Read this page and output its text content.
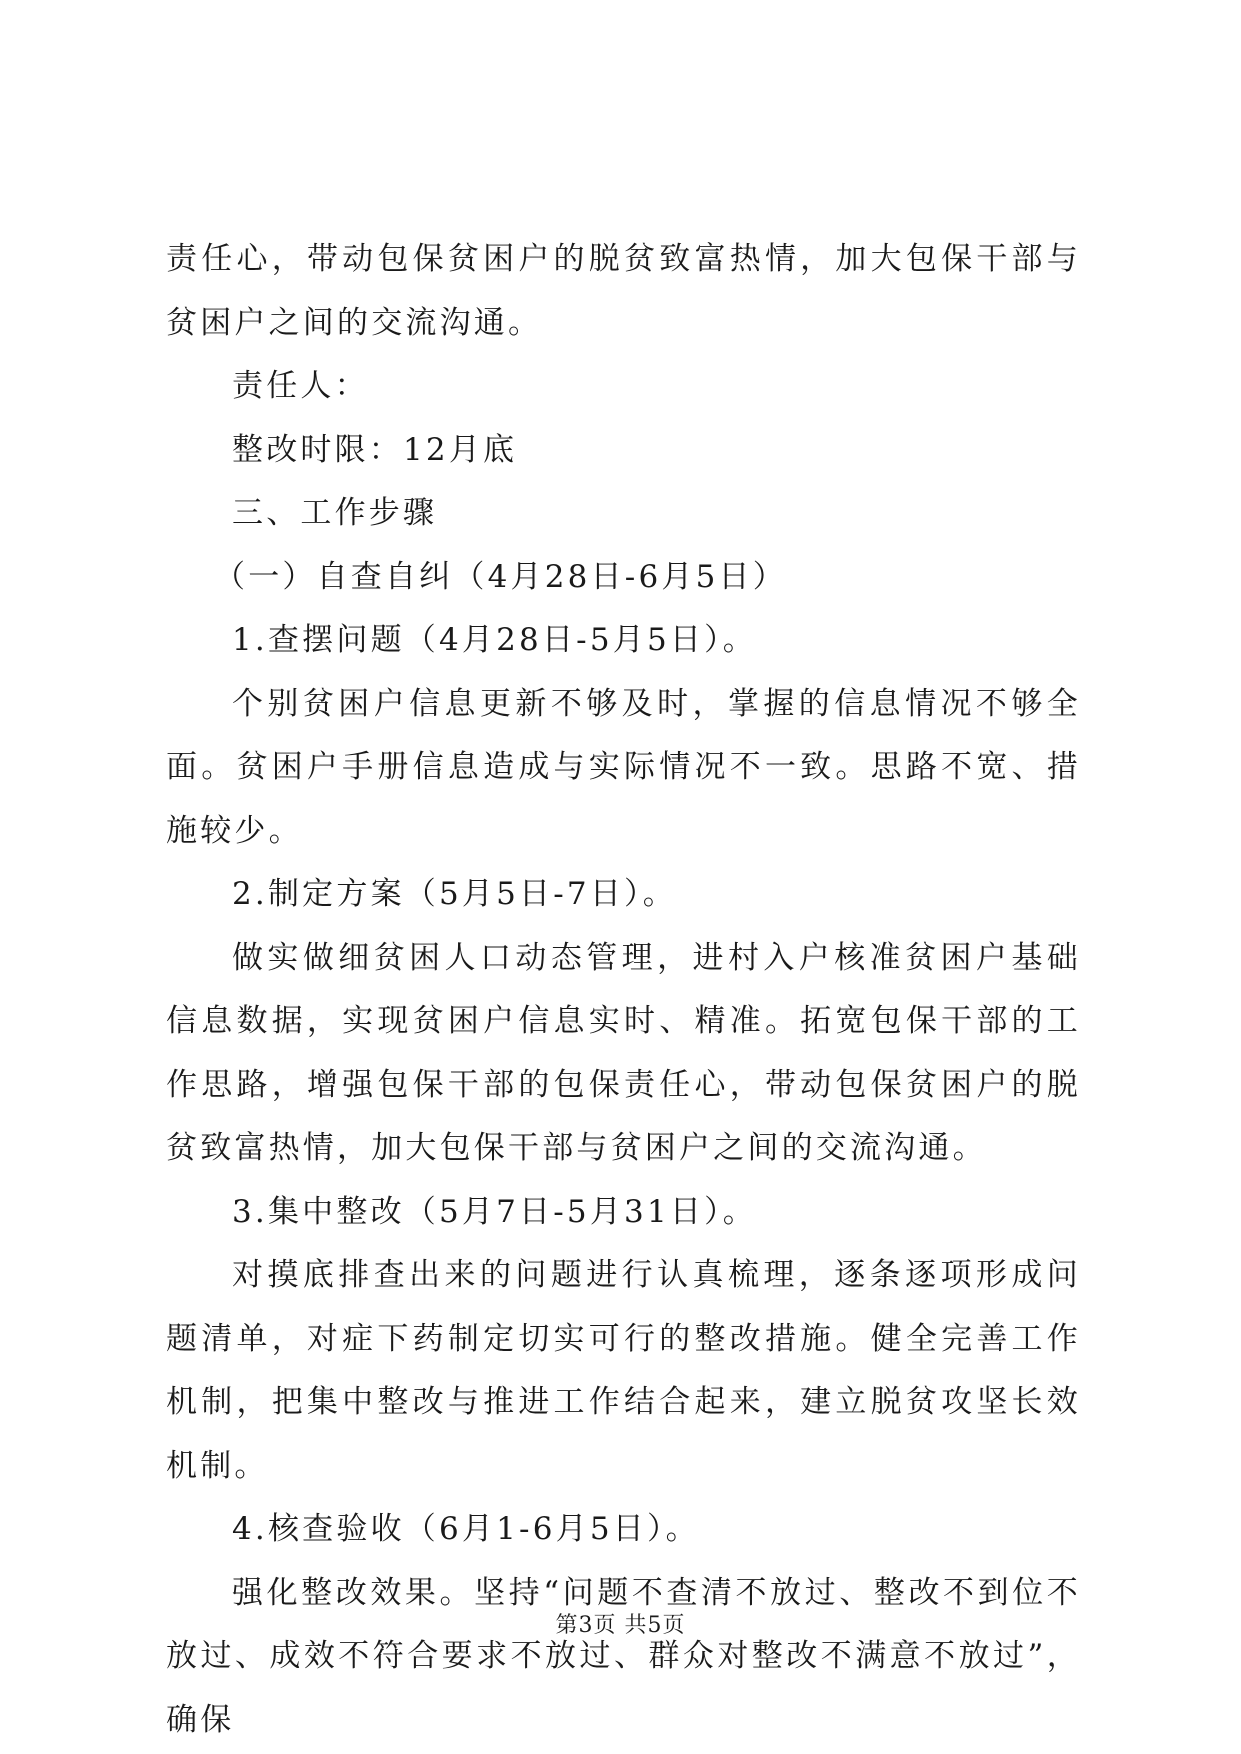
责任心，带动包保贫困户的脱贫致富热情，加大包保干部与贫困户之间的交流沟通。

责任人：

整改时限：12月底

三、工作步骤

（一）自查自纠（4月28日-6月5日）

1.查摆问题（4月28日-5月5日）。

个别贫困户信息更新不够及时，掌握的信息情况不够全面。贫困户手册信息造成与实际情况不一致。思路不宽、措施较少。

2.制定方案（5月5日-7日）。

做实做细贫困人口动态管理，进村入户核准贫困户基础信息数据，实现贫困户信息实时、精准。拓宽包保干部的工作思路，增强包保干部的包保责任心，带动包保贫困户的脱贫致富热情，加大包保干部与贫困户之间的交流沟通。

3.集中整改（5月7日-5月31日）。

对摸底排查出来的问题进行认真梳理，逐条逐项形成问题清单，对症下药制定切实可行的整改措施。健全完善工作机制，把集中整改与推进工作结合起来，建立脱贫攻坚长效机制。

4.核查验收（6月1-6月5日）。

强化整改效果。坚持“问题不查清不放过、整改不到位不放过、成效不符合要求不放过、群众对整改不满意不放过”，确保

第3页 共5页
